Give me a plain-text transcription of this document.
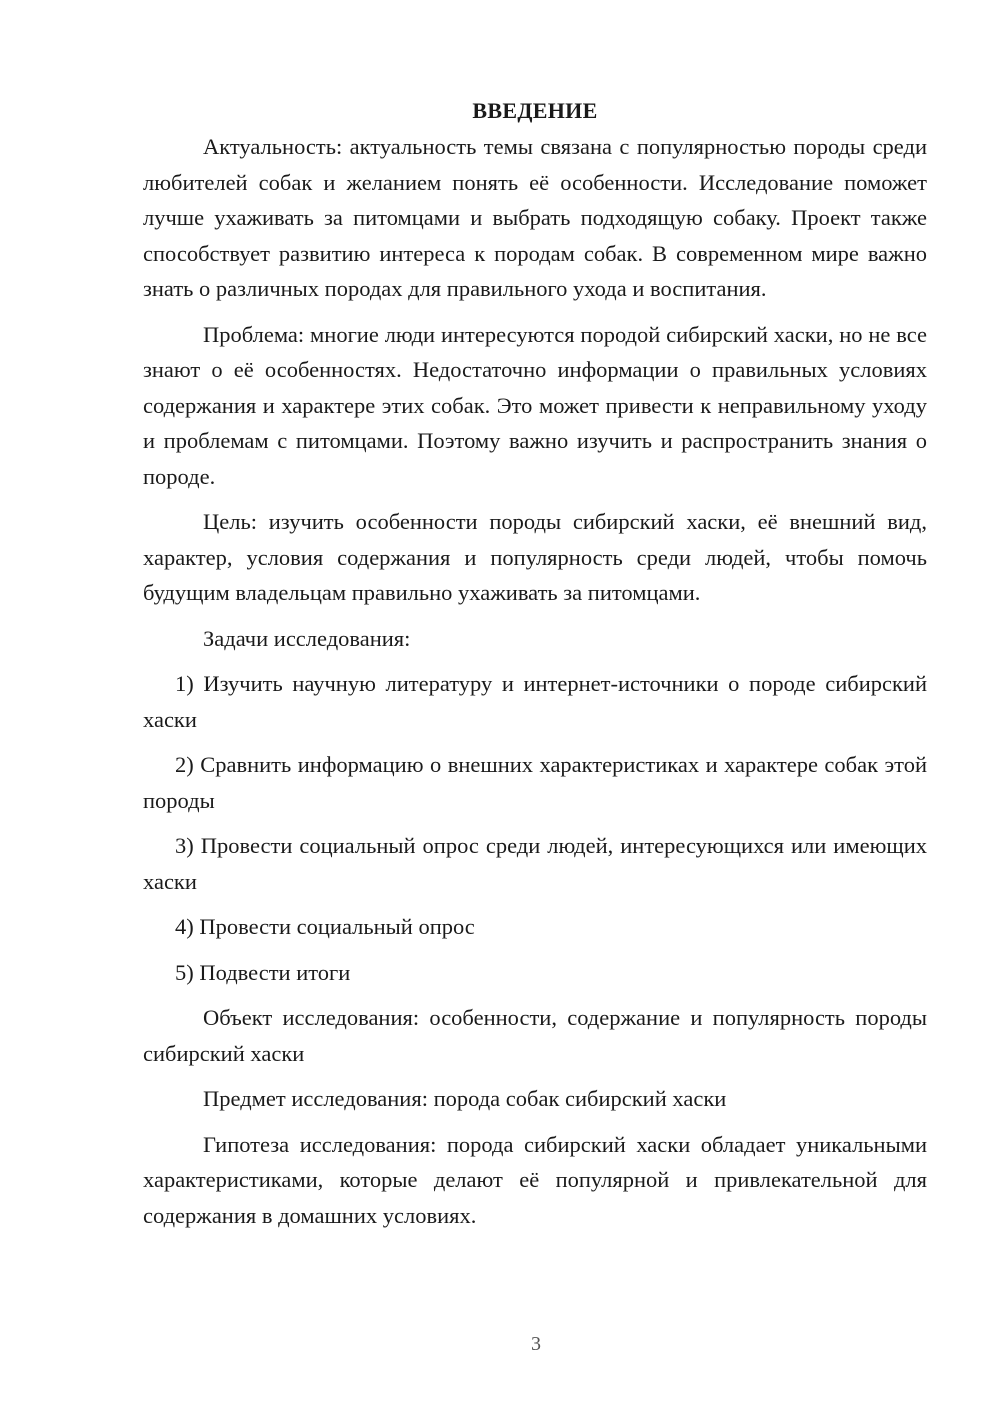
ВВЕДЕНИЕ

Актуальность: актуальность темы связана с популярностью породы среди любителей собак и желанием понять её особенности. Исследование поможет лучше ухаживать за питомцами и выбрать подходящую собаку. Проект также способствует развитию интереса к породам собак. В современном мире важно знать о различных породах для правильного ухода и воспитания.

Проблема: многие люди интересуются породой сибирский хаски, но не все знают о её особенностях. Недостаточно информации о правильных условиях содержания и характере этих собак. Это может привести к неправильному уходу и проблемам с питомцами. Поэтому важно изучить и распространить знания о породе.

Цель: изучить особенности породы сибирский хаски, её внешний вид, характер, условия содержания и популярность среди людей, чтобы помочь будущим владельцам правильно ухаживать за питомцами.

Задачи исследования:

1) Изучить научную литературу и интернет-источники о породе сибирский хаски

2) Сравнить информацию о внешних характеристиках и характере собак этой породы

3) Провести социальный опрос среди людей, интересующихся или имеющих хаски

4) Провести социальный опрос

5) Подвести итоги

Объект исследования: особенности, содержание и популярность породы сибирский хаски

Предмет исследования: порода собак сибирский хаски

Гипотеза исследования: порода сибирский хаски обладает уникальными характеристиками, которые делают её популярной и привлекательной для содержания в домашних условиях.

3
